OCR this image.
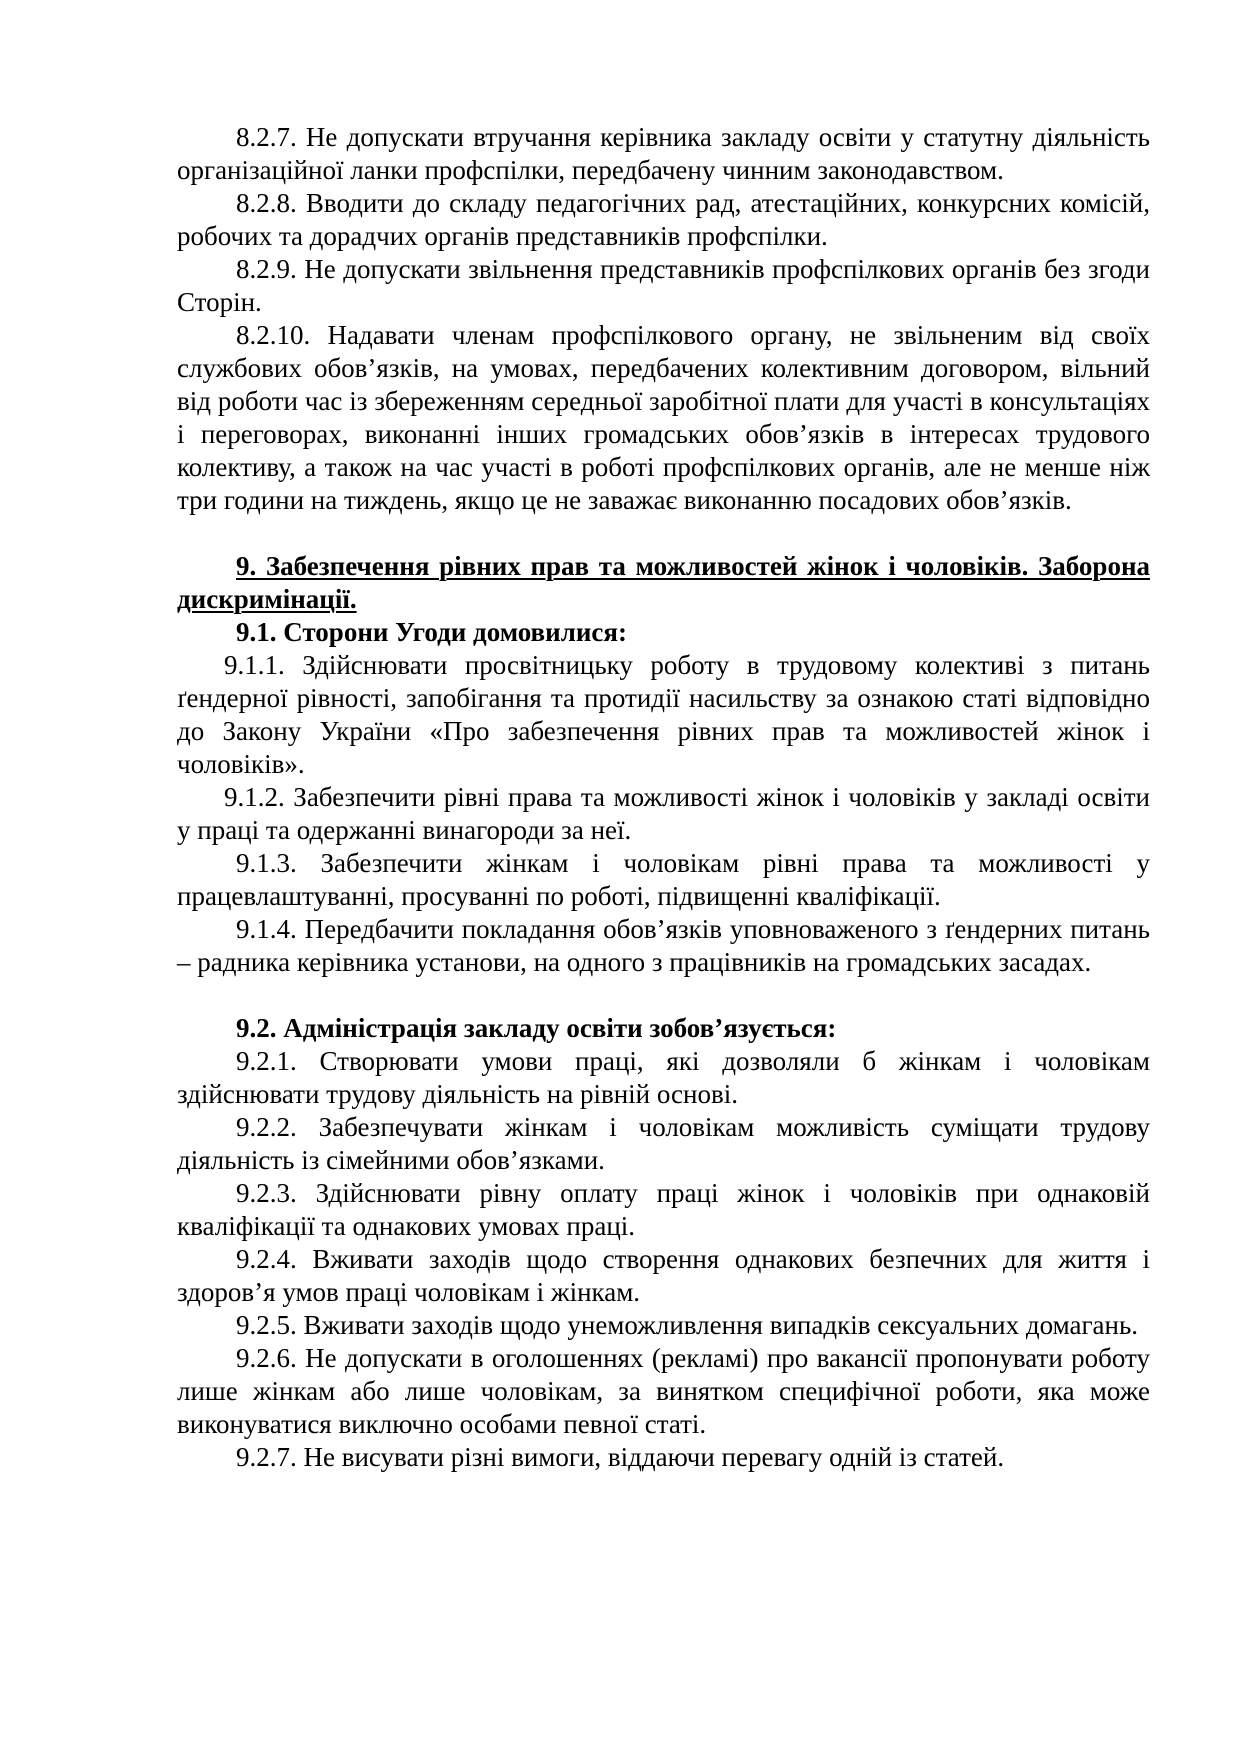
8.2.7. Не допускати втручання керівника закладу освіти у статутну діяльність організаційної ланки профспілки, передбачену чинним законодавством.

8.2.8. Вводити до складу педагогічних рад, атестаційних, конкурсних комісій, робочих та дорадчих органів представників профспілки.

8.2.9. Не допускати звільнення представників профспілкових органів без згоди Сторін.

8.2.10. Надавати членам профспілкового органу, не звільненим від своїх службових обов’язків, на умовах, передбачених колективним договором, вільний від роботи час із збереженням середньої заробітної плати для участі в консультаціях і переговорах, виконанні інших громадських обов’язків в інтересах трудового колективу, а також на час участі в роботі профспілкових органів, але не менше ніж три години на тиждень, якщо це не заважає виконанню посадових обов’язків.

9. Забезпечення рівних прав та можливостей жінок і чоловіків. Заборона дискримінації.

9.1. Сторони Угоди домовилися:

9.1.1. Здійснювати просвітницьку роботу в трудовому колективі з питань ґендерної рівності, запобігання та протидії насильству за ознакою статі відповідно до Закону України «Про забезпечення рівних прав та можливостей жінок і чоловіків».

9.1.2. Забезпечити рівні права та можливості жінок і чоловіків у закладі освіти у праці та одержанні винагороди за неї.

9.1.3. Забезпечити жінкам і чоловікам рівні права та можливості у працевлаштуванні, просуванні по роботі, підвищенні кваліфікації.

9.1.4. Передбачити покладання обов’язків уповноваженого з ґендерних питань – радника керівника установи, на одного з працівників на громадських засадах.

9.2. Адміністрація закладу освіти зобов’язується:

9.2.1. Створювати умови праці, які дозволяли б жінкам і чоловікам здійснювати трудову діяльність на рівній основі.

9.2.2. Забезпечувати жінкам і чоловікам можливість суміщати трудову діяльність із сімейними обов’язками.

9.2.3. Здійснювати рівну оплату праці жінок і чоловіків при однаковій кваліфікації та однакових умовах праці.

9.2.4. Вживати заходів щодо створення однакових безпечних для життя і здоров’я умов праці чоловікам і жінкам.

9.2.5. Вживати заходів щодо унеможливлення випадків сексуальних домагань.

9.2.6. Не допускати в оголошеннях (рекламі) про вакансії пропонувати роботу лише жінкам або лише чоловікам, за винятком специфічної роботи, яка може виконуватися виключно особами певної статі.

9.2.7. Не висувати різні вимоги, віддаючи перевагу одній із статей.
